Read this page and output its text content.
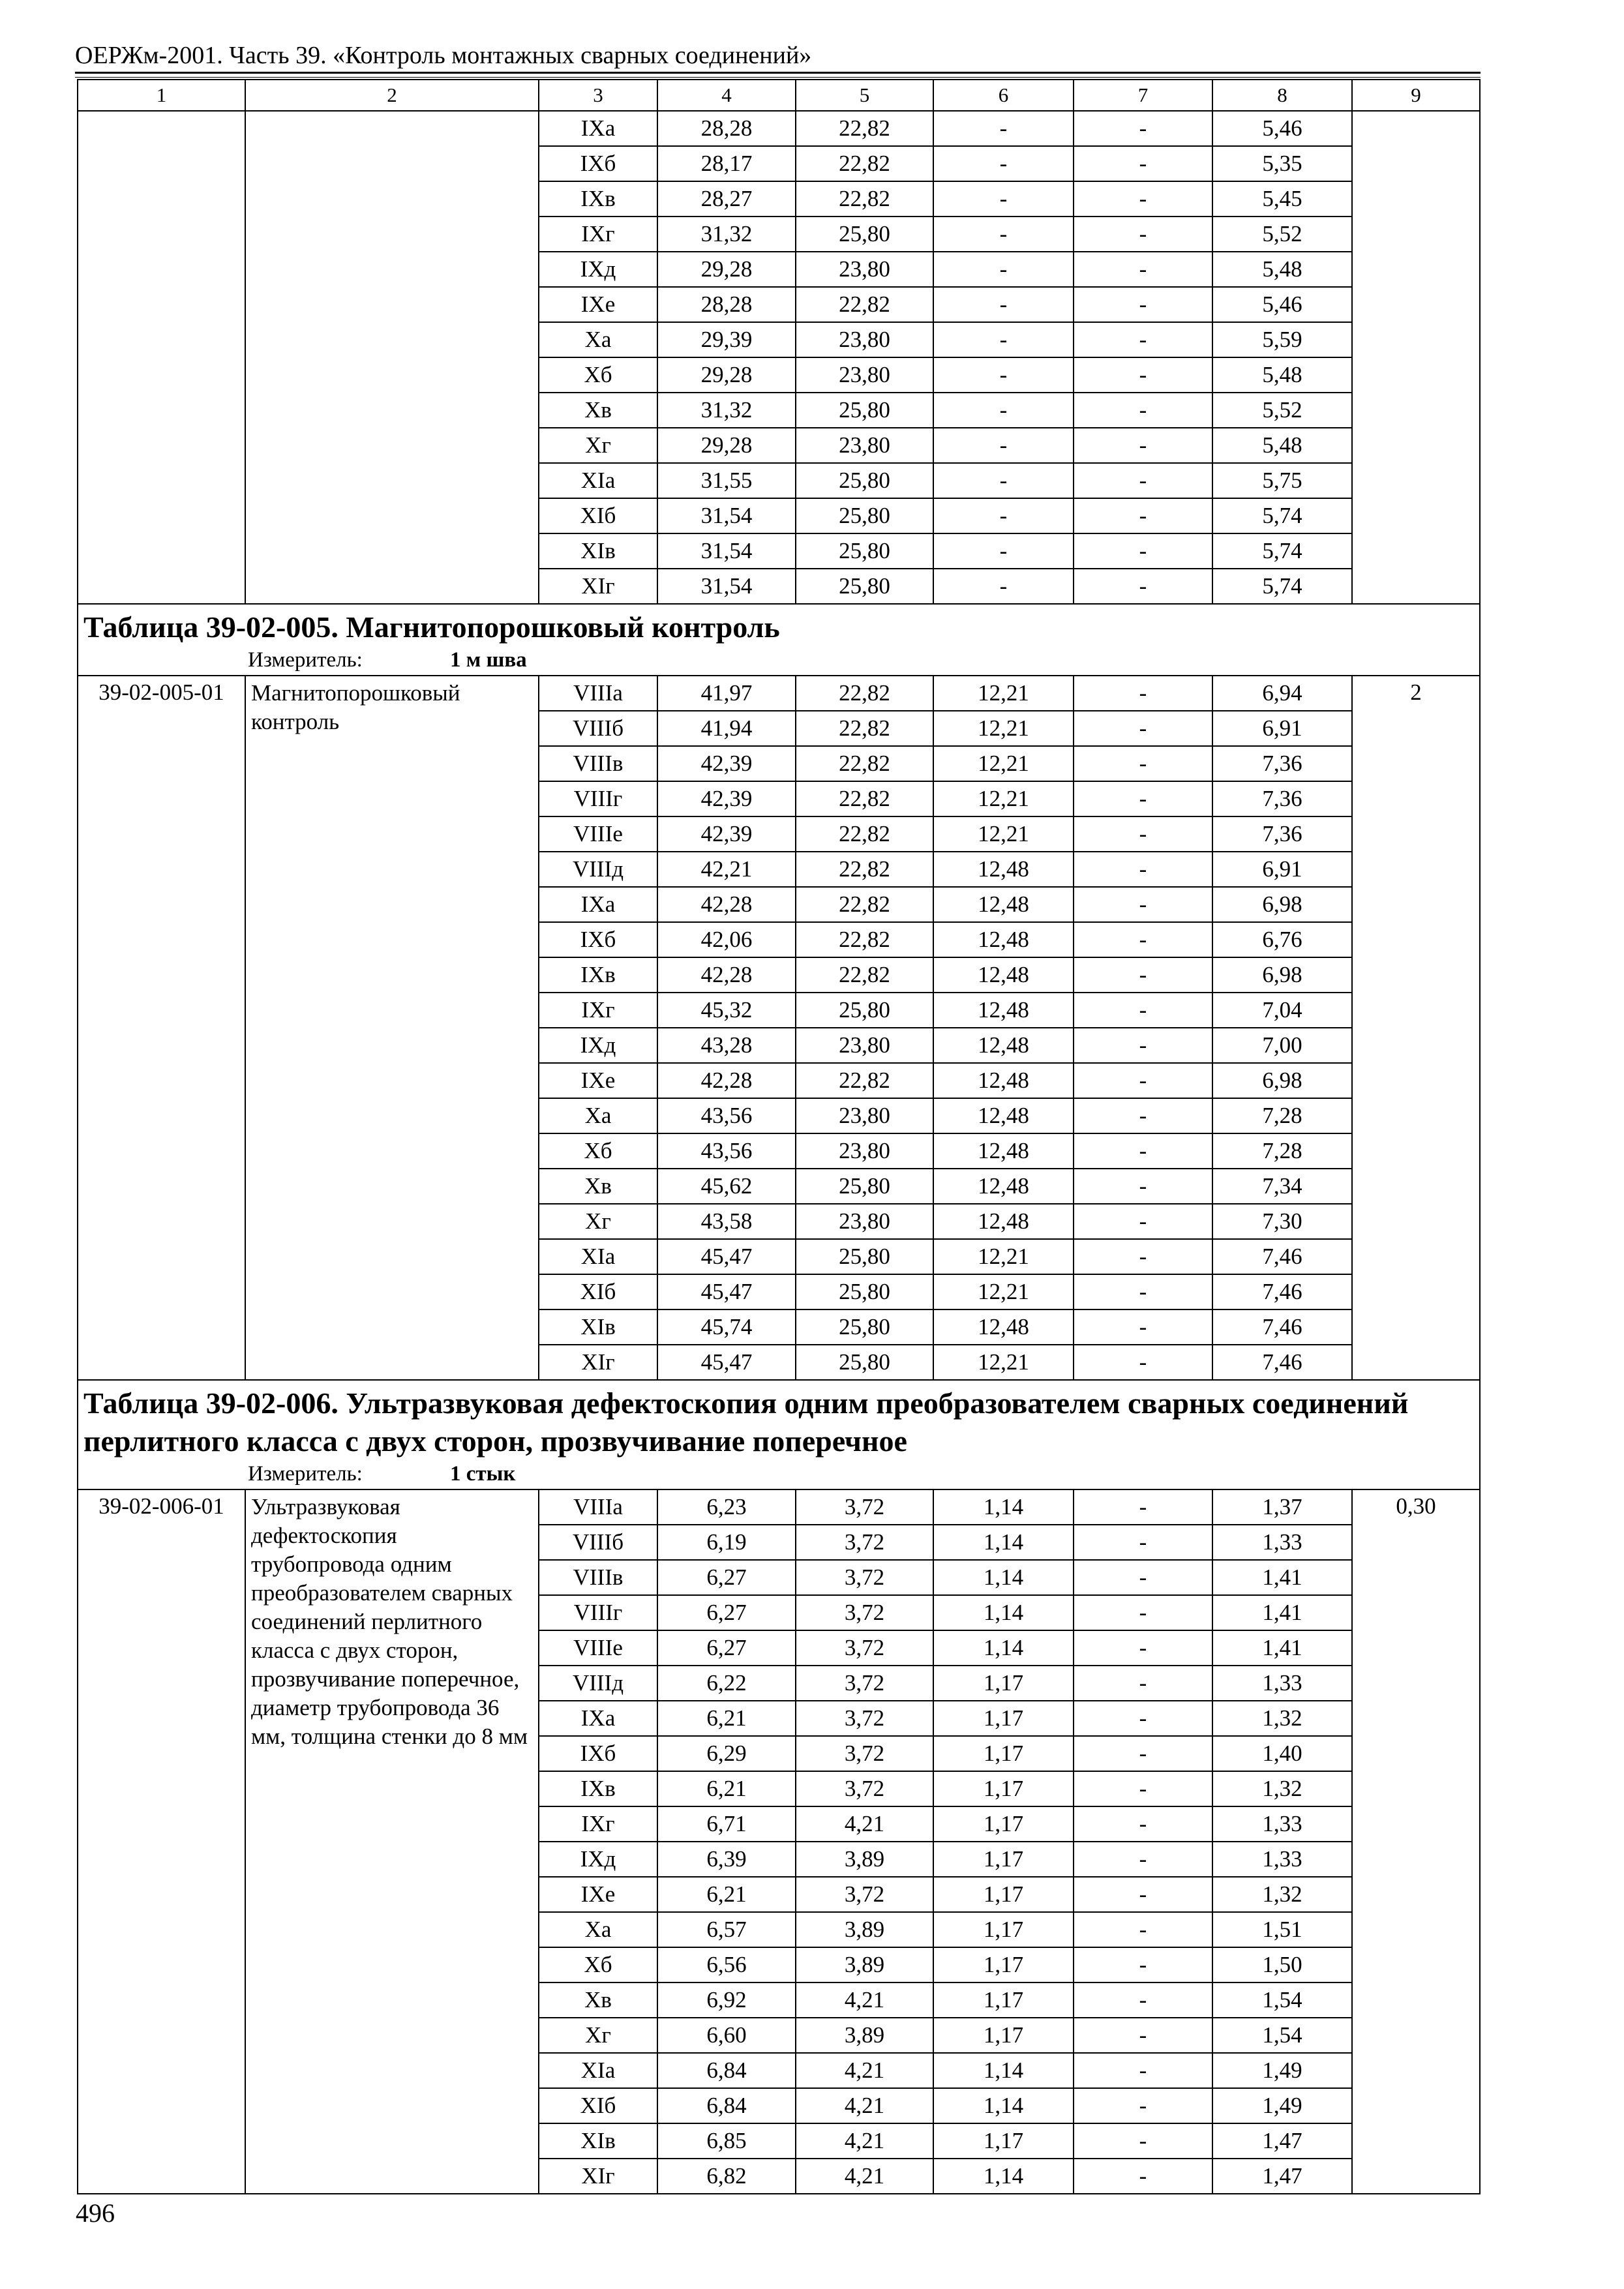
ОЕРЖм-2001. Часть 39. «Контроль монтажных сварных соединений»
1	2	3	4	5	6	7	8	9
		IXа	28,28	22,82	-	-	5,46	
		IXб	28,17	22,82	-	-	5,35	
		IXв	28,27	22,82	-	-	5,45	
		IXг	31,32	25,80	-	-	5,52	
		IXд	29,28	23,80	-	-	5,48	
		IXе	28,28	22,82	-	-	5,46	
		Xа	29,39	23,80	-	-	5,59	
		Xб	29,28	23,80	-	-	5,48	
		Xв	31,32	25,80	-	-	5,52	
		Xг	29,28	23,80	-	-	5,48	
		XIа	31,55	25,80	-	-	5,75	
		XIб	31,54	25,80	-	-	5,74	
		XIв	31,54	25,80	-	-	5,74	
		XIг	31,54	25,80	-	-	5,74	

Таблица 39-02-005. Магнитопорошковый контроль
Измеритель: 1 м шва								

39-02-005-01	Магнитопорошковый контроль	VIIIа	41,97	22,82	12,21	-	6,94	2
		VIIIб	41,94	22,82	12,21	-	6,91	
		VIIIв	42,39	22,82	12,21	-	7,36	
		VIIIг	42,39	22,82	12,21	-	7,36	
		VIIIе	42,39	22,82	12,21	-	7,36	
		VIIIд	42,21	22,82	12,48	-	6,91	
		IXа	42,28	22,82	12,48	-	6,98	
		IXб	42,06	22,82	12,48	-	6,76	
		IXв	42,28	22,82	12,48	-	6,98	
		IXг	45,32	25,80	12,48	-	7,04	
		IXд	43,28	23,80	12,48	-	7,00	
		IXе	42,28	22,82	12,48	-	6,98	
		Xа	43,56	23,80	12,48	-	7,28	
		Xб	43,56	23,80	12,48	-	7,28	
		Xв	45,62	25,80	12,48	-	7,34	
		Xг	43,58	23,80	12,48	-	7,30	
		XIа	45,47	25,80	12,21	-	7,46	
		XIб	45,47	25,80	12,21	-	7,46	
		XIв	45,74	25,80	12,48	-	7,46	
		XIг	45,47	25,80	12,21	-	7,46	

Таблица 39-02-006. Ультразвуковая дефектоскопия одним преобразователем сварных соединений перлитного класса с двух сторон, прозвучивание поперечное
Измеритель: 1 стык								

39-02-006-01	Ультразвуковая дефектоскопия трубопровода одним преобразователем сварных соединений перлитного класса с двух сторон, прозвучивание поперечное, диаметр трубопровода 36 мм, толщина стенки до 8 мм	VIIIа	6,23	3,72	1,14	-	1,37	0,30
		VIIIб	6,19	3,72	1,14	-	1,33	
		VIIIв	6,27	3,72	1,14	-	1,41	
		VIIIг	6,27	3,72	1,14	-	1,41	
		VIIIе	6,27	3,72	1,14	-	1,41	
		VIIIд	6,22	3,72	1,17	-	1,33	
		IXа	6,21	3,72	1,17	-	1,32	
		IXб	6,29	3,72	1,17	-	1,40	
		IXв	6,21	3,72	1,17	-	1,32	
		IXг	6,71	4,21	1,17	-	1,33	
		IXд	6,39	3,89	1,17	-	1,33	
		IXе	6,21	3,72	1,17	-	1,32	
		Xа	6,57	3,89	1,17	-	1,51	
		Xб	6,56	3,89	1,17	-	1,50	
		Xв	6,92	4,21	1,17	-	1,54	
		Xг	6,60	3,89	1,17	-	1,54	
		XIа	6,84	4,21	1,14	-	1,49	
		XIб	6,84	4,21	1,14	-	1,49	
		XIв	6,85	4,21	1,17	-	1,47	
		XIг	6,82	4,21	1,14	-	1,47	
496
